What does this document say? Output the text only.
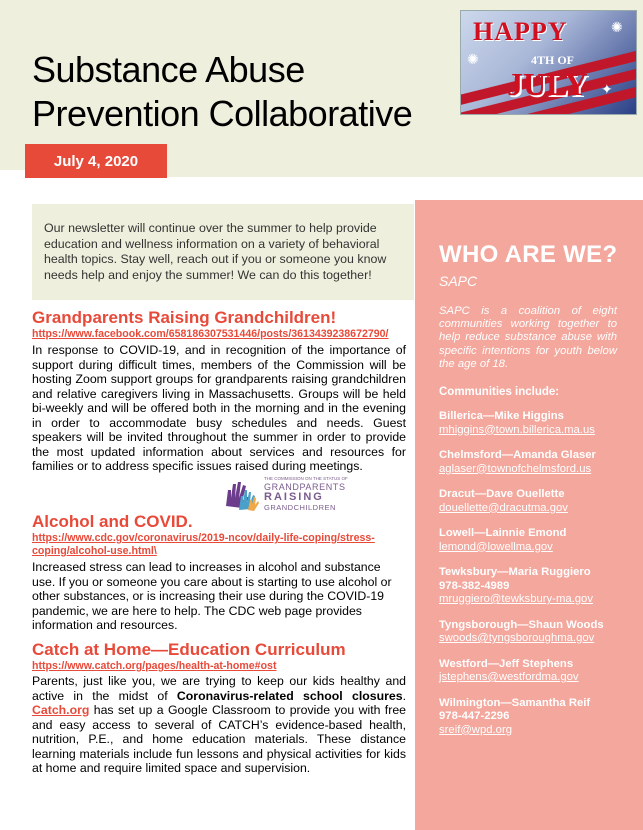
Substance Abuse
Prevention Collaborative
✺
✺
✦
HAPPY
4TH OF
JULY
July 4, 2020
Our newsletter will continue over the summer to help provide education and wellness information on a variety of behavioral health topics. Stay well, reach out if you or someone you know needs help and enjoy the summer! We can do this together!
Grandparents Raising Grandchildren!
https://www.facebook.com/658186307531446/posts/3613439238672790/
In response to COVID-19, and in recognition of the importance of support during difficult times, members of the Commission will be hosting Zoom support groups for grandparents raising grandchildren and relative caregivers living in Massachusetts. Groups will be held bi-weekly and will be offered both in the morning and in the evening in order to accommodate busy schedules and needs. Guest speakers will be invited throughout the summer in order to provide the most updated information about services and resources for families or to address specific issues raised during meetings.
THE COMMISSION ON THE STATUS OF
GRANDPARENTS
RAISING
GRANDCHILDREN
Alcohol and COVID.
https://www.cdc.gov/coronavirus/2019-ncov/daily-life-coping/stress-coping/alcohol-use.html\
Increased stress can lead to increases in alcohol and substance use. If you or someone you care about is starting to use alcohol or other substances, or is increasing their use during the COVID-19 pandemic, we are here to help. The CDC web page provides information and resources.
Catch at Home—Education Curriculum
https://www.catch.org/pages/health-at-home#ost
Parents, just like you, we are trying to keep our kids healthy and active in the midst of Coronavirus-related school closures. Catch.org has set up a Google Classroom to provide you with free and easy access to several of CATCH’s evidence-based health, nutrition, P.E., and home education materials. These distance learning materials include fun lessons and physical activities for kids at home and require limited space and supervision.
WHO ARE WE?
SAPC
SAPC is a coalition of eight communities working together to help reduce substance abuse with specific intentions for youth below the age of 18.
Communities include:
Billerica—Mike Higgins
mhiggins@town.billerica.ma.us
Chelmsford—Amanda Glaser
aglaser@townofchelmsford.us
Dracut—Dave Ouellette
douellette@dracutma.gov
Lowell—Lainnie Emond
lemond@lowellma.gov
Tewksbury—Maria Ruggiero
978-382-4989
mruggiero@tewksbury-ma.gov
Tyngsborough—Shaun Woods
swoods@tyngsboroughma.gov
Westford—Jeff Stephens
jstephens@westfordma.gov
Wilmington—Samantha Reif
978-447-2296
sreif@wpd.org
